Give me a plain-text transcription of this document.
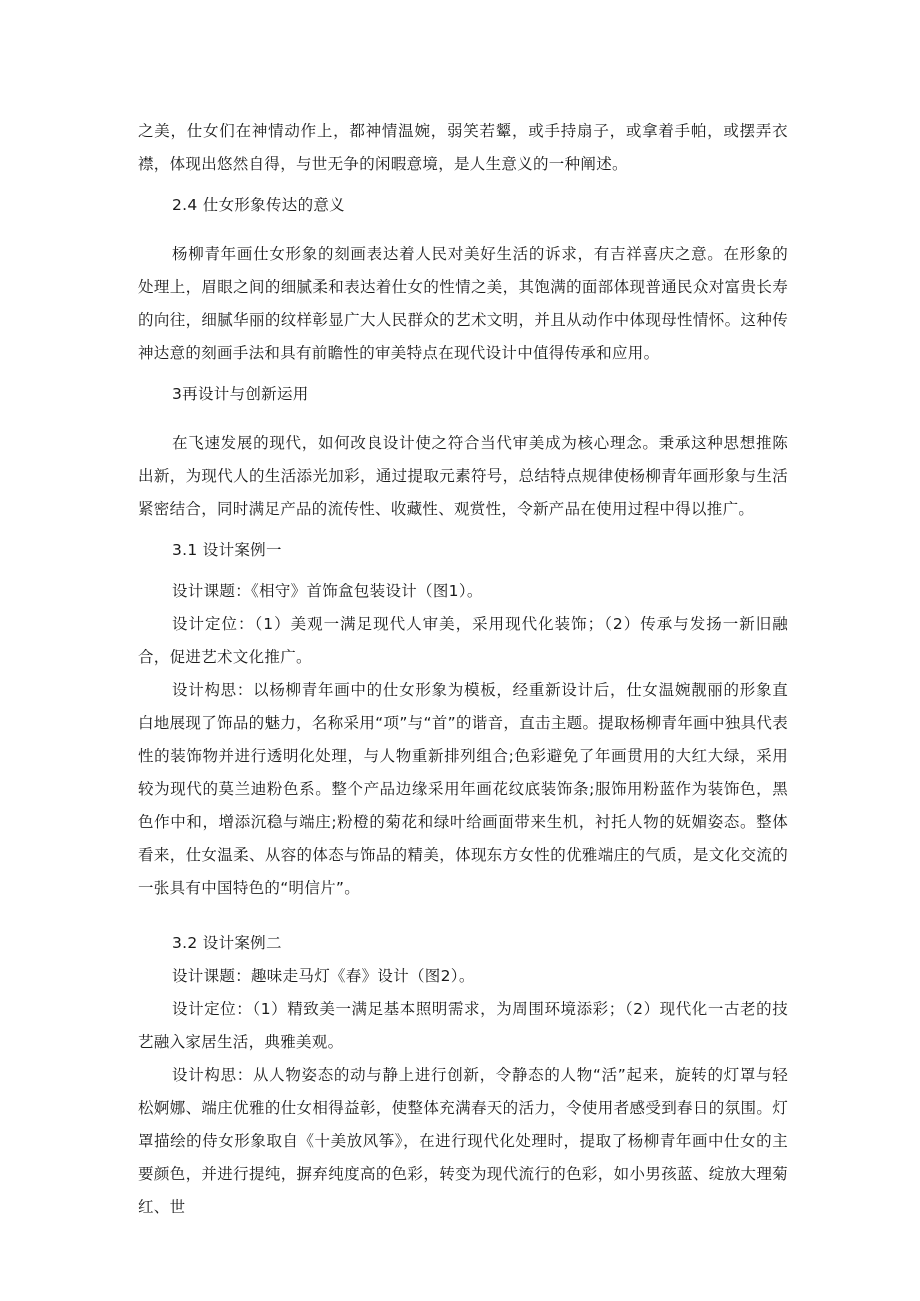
之美，仕女们在神情动作上，都神情温婉，弱笑若颦，或手持扇子，或拿着手帕，或摆弄衣襟，体现出悠然自得，与世无争的闲暇意境，是人生意义的一种阐述。

2.4 仕女形象传达的意义

杨柳青年画仕女形象的刻画表达着人民对美好生活的诉求，有吉祥喜庆之意。在形象的处理上，眉眼之间的细腻柔和表达着仕女的性情之美，其饱满的面部体现普通民众对富贵长寿的向往，细腻华丽的纹样彰显广大人民群众的艺术文明，并且从动作中体现母性情怀。这种传神达意的刻画手法和具有前瞻性的审美特点在现代设计中值得传承和应用。

3再设计与创新运用

在飞速发展的现代，如何改良设计使之符合当代审美成为核心理念。秉承这种思想推陈出新，为现代人的生活添光加彩，通过提取元素符号，总结特点规律使杨柳青年画形象与生活紧密结合，同时满足产品的流传性、收藏性、观赏性，令新产品在使用过程中得以推广。

3.1 设计案例一

设计课题：《相守》首饰盒包装设计（图1）。

设计定位：（1）美观一满足现代人审美，采用现代化装饰；（2）传承与发扬一新旧融合，促进艺术文化推广。

设计构思：以杨柳青年画中的仕女形象为模板，经重新设计后，仕女温婉靓丽的形象直白地展现了饰品的魅力，名称采用“项”与“首”的谐音，直击主题。提取杨柳青年画中独具代表性的装饰物并进行透明化处理，与人物重新排列组合;色彩避免了年画贯用的大红大绿，采用较为现代的莫兰迪粉色系。整个产品边缘采用年画花纹底装饰条;服饰用粉蓝作为装饰色，黑色作中和，增添沉稳与端庄;粉橙的菊花和绿叶给画面带来生机，衬托人物的妩媚姿态。整体看来，仕女温柔、从容的体态与饰品的精美，体现东方女性的优雅端庄的气质，是文化交流的一张具有中国特色的“明信片”。

3.2 设计案例二

设计课题：趣味走马灯《春》设计（图2）。

设计定位：（1）精致美一满足基本照明需求，为周围环境添彩；（2）现代化一古老的技艺融入家居生活，典雅美观。

设计构思：从人物姿态的动与静上进行创新，令静态的人物“活”起来，旋转的灯罩与轻松婀娜、端庄优雅的仕女相得益彰，使整体充满春天的活力，令使用者感受到春日的氛围。灯罩描绘的侍女形象取自《十美放风筝》，在进行现代化处理时，提取了杨柳青年画中仕女的主要颜色，并进行提纯，摒弃纯度高的色彩，转变为现代流行的色彩，如小男孩蓝、绽放大理菊红、世
